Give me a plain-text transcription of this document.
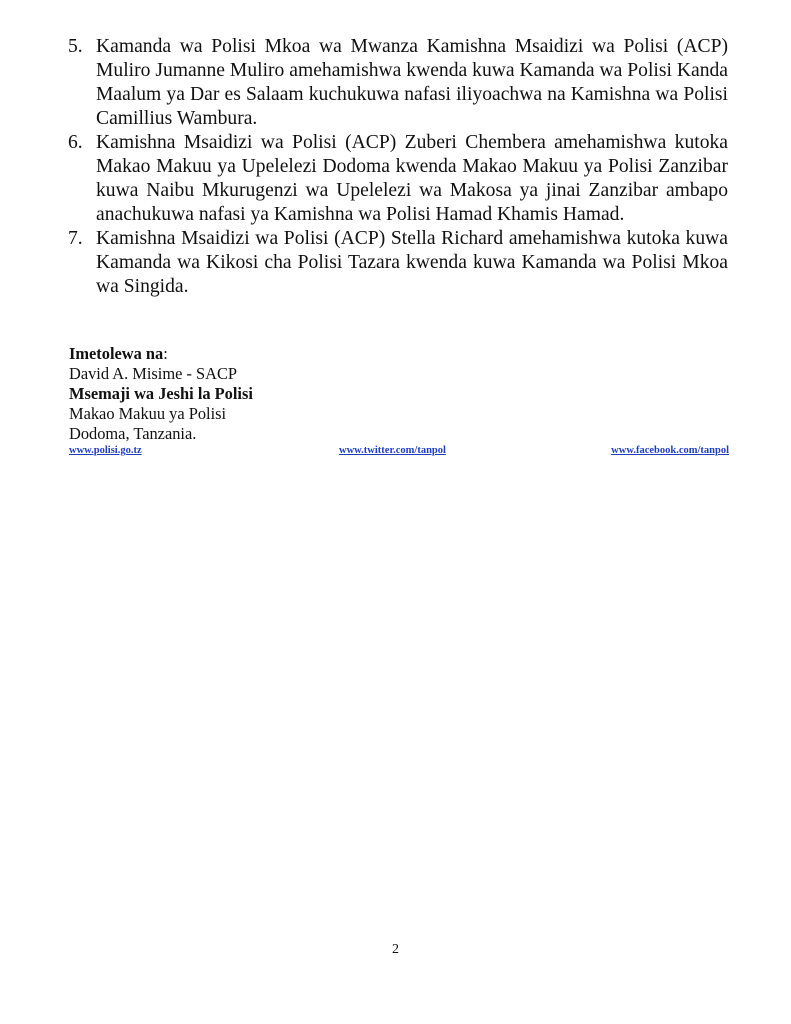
5. Kamanda wa Polisi Mkoa wa Mwanza Kamishna Msaidizi wa Polisi (ACP) Muliro Jumanne Muliro amehamishwa kwenda kuwa Kamanda wa Polisi Kanda Maalum ya Dar es Salaam kuchukuwa nafasi iliyoachwa na Kamishna wa Polisi Camillius Wambura.

6. Kamishna Msaidizi wa Polisi (ACP) Zuberi Chembera amehamishwa kutoka Makao Makuu ya Upelelezi Dodoma kwenda Makao Makuu ya Polisi Zanzibar kuwa Naibu Mkurugenzi wa Upelelezi wa Makosa ya jinai Zanzibar ambapo anachukuwa nafasi ya Kamishna wa Polisi Hamad Khamis Hamad.

7. Kamishna Msaidizi wa Polisi (ACP) Stella Richard amehamishwa kutoka kuwa Kamanda wa Kikosi cha Polisi Tazara kwenda kuwa Kamanda wa Polisi Mkoa wa Singida.

Imetolewa na:
David A. Misime - SACP
Msemaji wa Jeshi la Polisi
Makao Makuu ya Polisi
Dodoma, Tanzania.
www.polisi.go.tz	www.twitter.com/tanpol	www.facebook.com/tanpol
2
